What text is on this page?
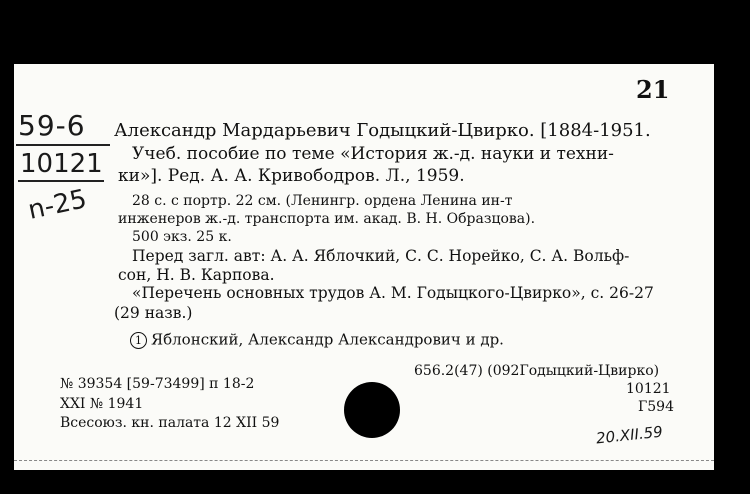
21
59-6
10121
n-25
Александр Мардарьевич Годыцкий-Цвирко. [1884-1951.
Учеб. пособие по теме «История ж.-д. науки и техни-
ки»]. Ред. А. А. Кривободров. Л., 1959.
28 с. с портр. 22 см. (Ленингр. ордена Ленина ин-т
инженеров ж.-д. транспорта им. акад. В. Н. Образцова).
500 экз. 25 к.
Перед загл. авт: А. А. Яблочкий, С. С. Норейко, С. А. Вольф-
сон, Н. В. Карпова.
«Перечень основных трудов А. М. Годыцкого-Цвирко», с. 26-27
(29 назв.)
1 Яблонский, Александр Александрович и др.
№ 39354 [59-73499] п 18-2
XXI № 1941
Всесоюз. кн. палата 12 XII 59
656.2(47) (092Годыцкий-Цвирко)
10121
Г594
20.XII.59
